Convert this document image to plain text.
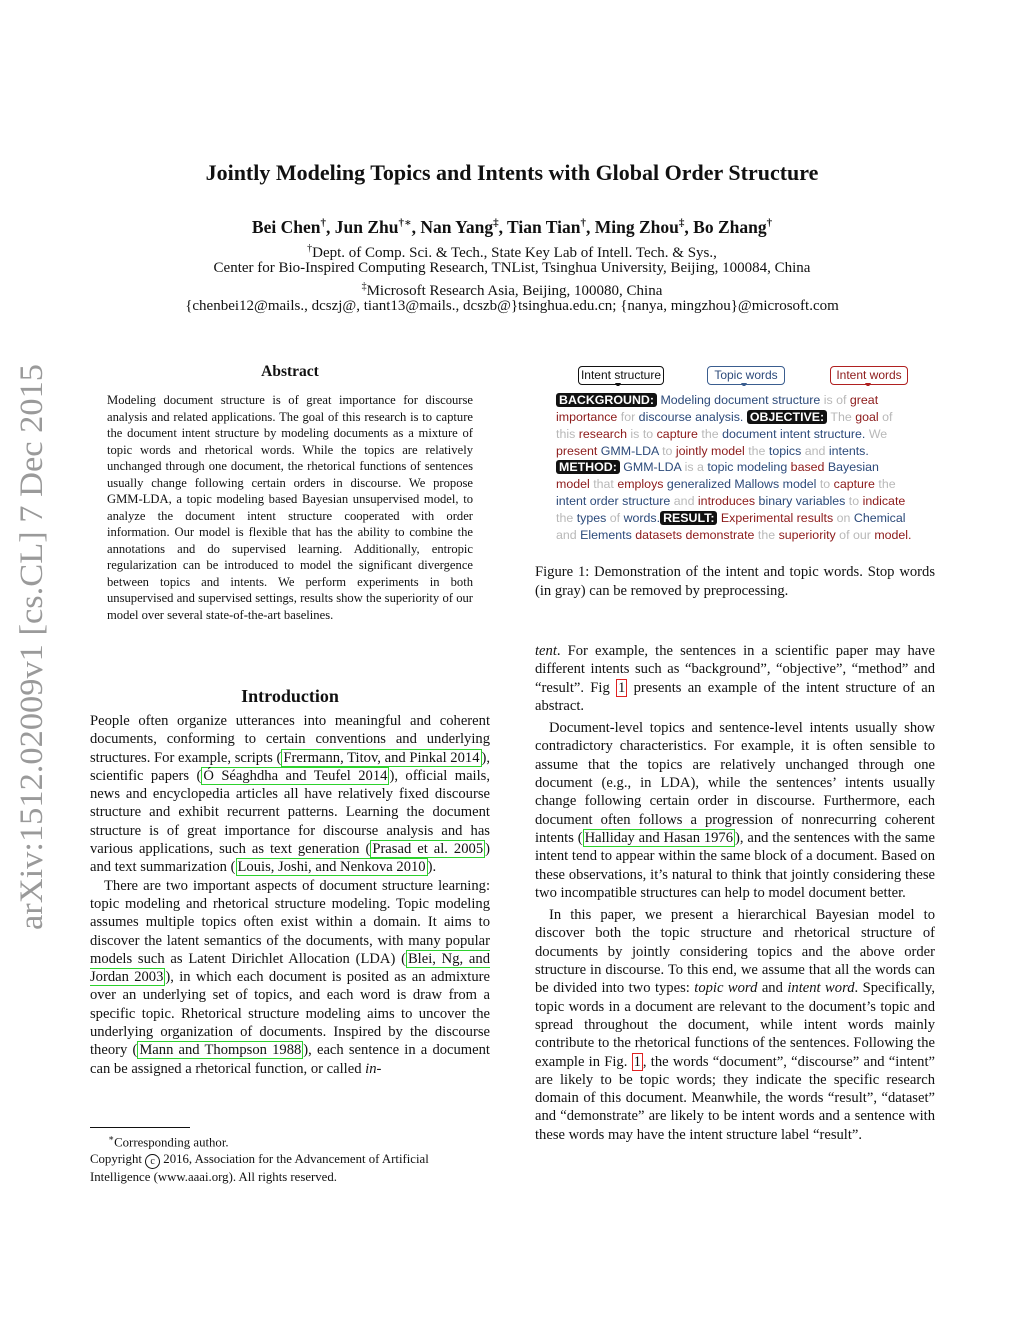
arXiv:1512.02009v1 [cs.CL] 7 Dec 2015
Jointly Modeling Topics and Intents with Global Order Structure
Bei Chen†, Jun Zhu†∗, Nan Yang‡, Tian Tian†, Ming Zhou‡, Bo Zhang†
†Dept. of Comp. Sci. & Tech., State Key Lab of Intell. Tech. & Sys.,
Center for Bio-Inspired Computing Research, TNList, Tsinghua University, Beijing, 100084, China
‡Microsoft Research Asia, Beijing, 100080, China
{chenbei12@mails., dcszj@, tiant13@mails., dcszb@}tsinghua.edu.cn; {nanya, mingzhou}@microsoft.com
Abstract
Modeling document structure is of great importance for discourse analysis and related applications. The goal of this research is to capture the document intent structure by modeling documents as a mixture of topic words and rhetorical words. While the topics are relatively unchanged through one document, the rhetorical functions of sentences usually change following certain orders in discourse. We propose GMM-LDA, a topic modeling based Bayesian unsupervised model, to analyze the document intent structure cooperated with order information. Our model is flexible that has the ability to combine the annotations and do supervised learning. Additionally, entropic regularization can be introduced to model the significant divergence between topics and intents. We perform experiments in both unsupervised and supervised settings, results show the superiority of our model over several state-of-the-art baselines.
Introduction

People often organize utterances into meaningful and coherent documents, conforming to certain conventions and underlying structures. For example, scripts ( Frermann, Titov, and Pinkal 2014 ), scientific papers ( Ó Séaghdha and Teufel 2014 ), official mails, news and encyclopedia articles all have relatively fixed discourse structure and exhibit recurrent patterns. Learning the document structure is of great importance for discourse analysis and has various applications, such as text generation ( Prasad et al. 2005 ) and text summarization ( Louis, Joshi, and Nenkova 2010 ).

There are two important aspects of document structure learning: topic modeling and rhetorical structure modeling. Topic modeling assumes multiple topics often exist within a domain. It aims to discover the latent semantics of the documents, with many popular models such as Latent Dirichlet Allocation (LDA) ( Blei, Ng, and Jordan 2003 ), in which each document is posited as an admixture over an underlying set of topics, and each word is draw from a specific topic. Rhetorical structure modeling aims to uncover the underlying organization of documents. Inspired by the discourse theory ( Mann and Thompson 1988 ), each sentence in a document can be assigned a rhetorical function, or called in-

∗Corresponding author.
Copyright c 2016, Association for the Advancement of Artificial Intelligence (www.aaai.org). All rights reserved.
Intent structure	Topic words	Intent words
BACKGROUND: Modeling document structure is of great
importance for discourse analysis. OBJECTIVE: The goal of
this research is to capture the document intent structure. We
present GMM-LDA to jointly model the topics and intents.
METHOD: GMM-LDA is a topic modeling based Bayesian
model that employs generalized Mallows model to capture the
intent order structure and introduces binary variables to indicate
the types of words. RESULT: Experimental results on Chemical
and Elements datasets demonstrate the superiority of our model.
Figure 1: Demonstration of the intent and topic words. Stop words (in gray) can be removed by preprocessing.

tent. For example, the sentences in a scientific paper may have different intents such as “background”, “objective”, “method” and “result”. Fig 1 presents an example of the intent structure of an abstract.

Document-level topics and sentence-level intents usually show contradictory characteristics. For example, it is often sensible to assume that the topics are relatively unchanged through one document (e.g., in LDA), while the sentences’ intents usually change following certain order in discourse. Furthermore, each document often follows a progression of nonrecurring coherent intents ( Halliday and Hasan 1976 ), and the sentences with the same intent tend to appear within the same block of a document. Based on these observations, it’s natural to think that jointly considering these two incompatible structures can help to model document better.

In this paper, we present a hierarchical Bayesian model to discover both the topic structure and rhetorical structure of documents by jointly considering topics and the above order structure in discourse. To this end, we assume that all the words can be divided into two types: topic word and intent word. Specifically, topic words in a document are relevant to the document’s topic and spread throughout the document, while intent words mainly contribute to the rhetorical functions of the sentences. Following the example in Fig. 1 , the words “document”, “discourse” and “intent” are likely to be topic words; they indicate the specific research domain of this document. Meanwhile, the words “result”, “dataset” and “demonstrate” are likely to be intent words and a sentence with these words may have the intent structure label “result”.
